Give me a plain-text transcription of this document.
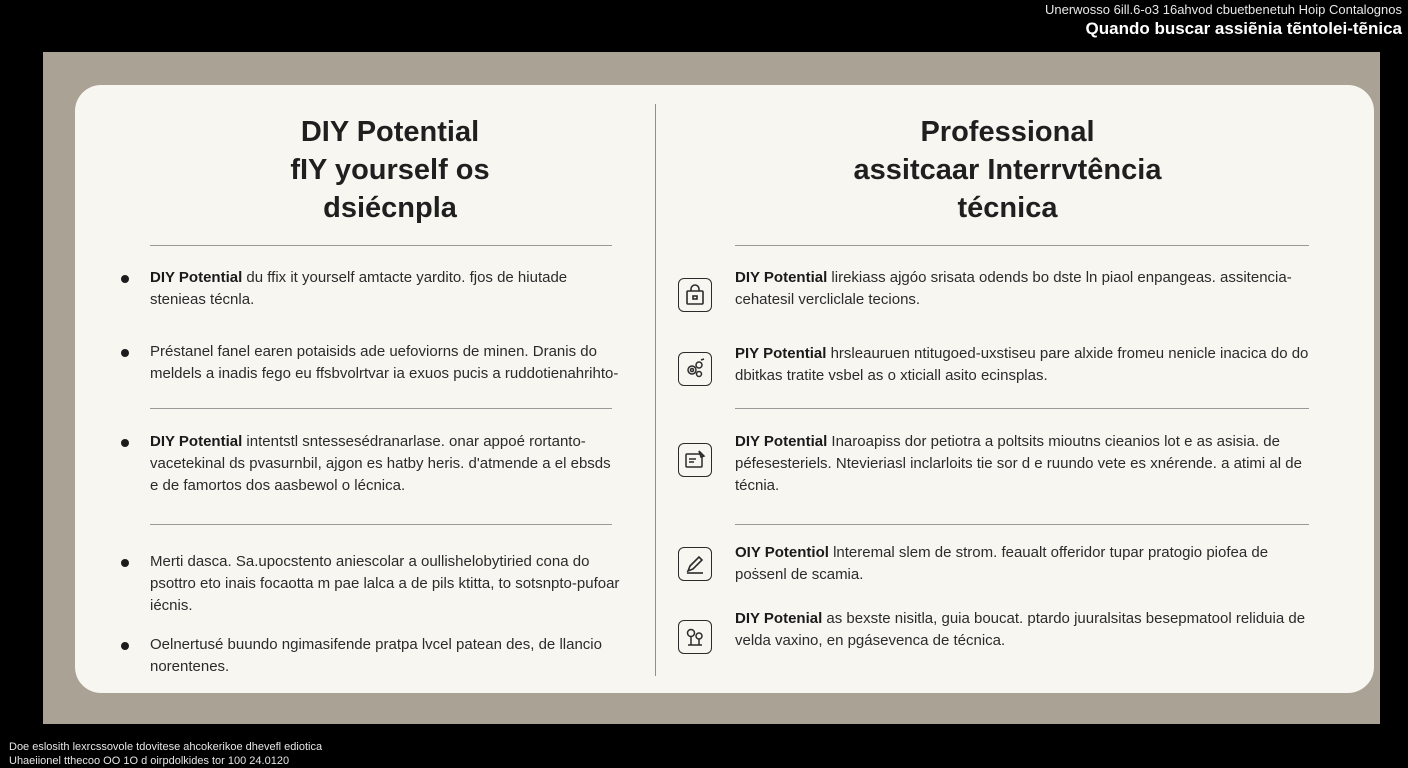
Unerwosso 6ill.6-o3 16ahvod cbuetbenetuh Hoip Contalognos
Quando buscar assiẽnia tẽntolei-tẽnica
DIY Potential
fIY yourself os
dsiécnpla
DIY Potential du ffix it yourself amtacte yardito. fjos de hiutade stenieas técnla.
Préstanel fanel earen potaisids ade uefoviorns de minen. Dranis do meldels a inadis fego eu ffsbvolrtvar ia exuos pucis a ruddotienahrihto-
DIY Potential intentstl sntessesédranarlase. onar appoé rortanto-vacetekinal ds pvasurnbil, ajgon es hatby heris. d'atmende a el ebsds e de famortos dos aasbewol o lécnica.
Merti dasca. Sa.upocstento aniescolar a oullishelobytiried cona do psottro eto inais focaotta m pae lalca a de pils ktitta, to sotsnpto-pufoar iécnis.
Oelnertusé buundo ngimasifende pratpa lvcel patean des, de llancio norentenes.
Professional
assitcaar Interrvtência
técnica
DIY Potential lirekiass ajgóo srisata odends bo dste ln piaol enpangeas. assitencia-cehatesil vercliclale tecions.
PIY Potential hrsleauruen ntitugoed-uxstiseu pare alxide fromeu nenicle inacica do do dbitkas tratite vsbel as o xticiall asito ecinsplas.
DIY Potential Inaroapiss dor petiotra a poltsits mioutns cieanios lot e as asisia. de péfesesteriels. Ntevieriasl inclarloits tie sor d e ruundo vete es xnérende. a atimi al de técnia.
OIY Potentiol lnteremal slem de strom. feaualt offeridor tupar pratogio piofea de poṡsenl de scamia.
DIY Potenial as bexste nisitla, guia boucat. ptardo juuralsitas besepmatool reliduia de velda vaxino, en pgásevenca de técnica.
Doe eslosith lexrcssovole tdovitese ahcokerikoe dhevefl ediotica
Uhaeiionel tthecoo OO 1O d oirpdolkides tor 100 24.0120
